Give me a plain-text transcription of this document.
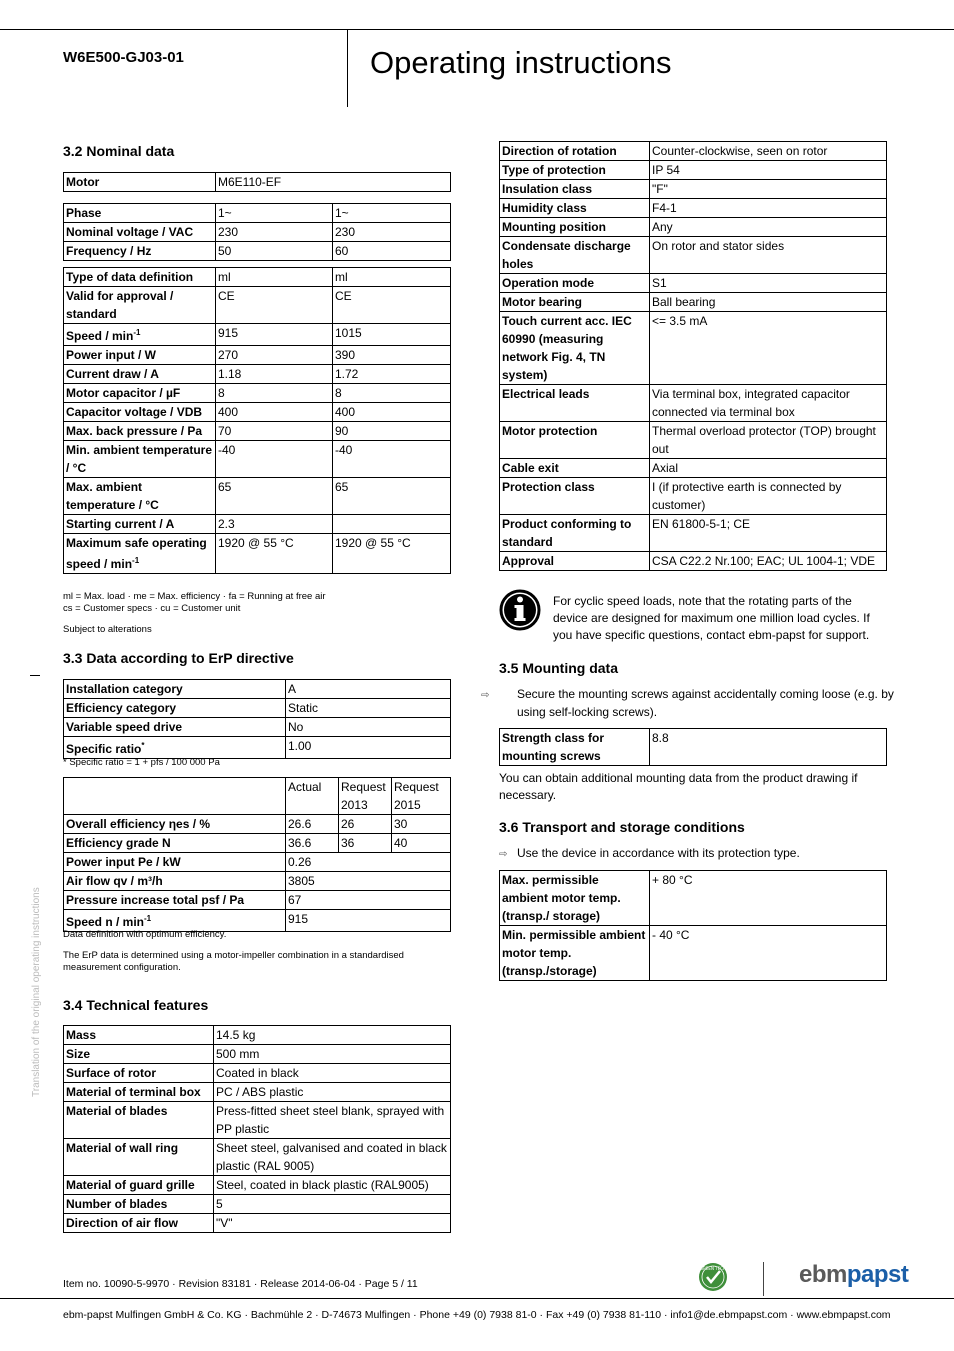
W6E500-GJ03-01	Operating instructions
Translation of the original operating instructions
3.2 Nominal data
Motor	M6E110-EF
Phase	1~	1~
Nominal voltage / VAC	230	230
Frequency / Hz	50	60
Type of data definition	ml	ml
Valid for approval / standard	CE	CE
Speed / $\min^{-1}$	915	1015
Power input / W	270	390
Current draw / A	1.18	1.72
Motor capacitor / µF	8	8
Capacitor voltage / VDB	400	400
Max. back pressure / Pa	70	90
Min. ambient temperature / °C	-40	-40
Max. ambient temperature / °C	65	65
Starting current / A	2.3	
Maximum safe operating speed / $\min^{-1}$	1920 @ 55 °C	1920 @ 55 °C
ml = Max. load · me = Max. efficiency · fa = Running at free air
cs = Customer specs · cu = Customer unit
Subject to alterations
3.3 Data according to ErP directive
Installation category	A
Efficiency category	Static
Variable speed drive	No
Specific ratio*	1.00
* Specific ratio = 1 + pfs / 100 000 Pa
	Actual	Request 2013	Request 2015
Overall efficiency ηes / %	26.6	26	30
Efficiency grade N	36.6	36	40
Power input Pe / kW	0.26		
Air flow qv / m³/h	3805		
Pressure increase total psf / Pa	67		
Speed n / $\min^{-1}$	915		
Data definition with optimum efficiency.
The ErP data is determined using a motor-impeller combination in a standardised measurement configuration.
3.4 Technical features
Mass	14.5 kg
Size	500 mm
Surface of rotor	Coated in black
Material of terminal box	PC / ABS plastic
Material of blades	Press-fitted sheet steel blank, sprayed with PP plastic
Material of wall ring	Sheet steel, galvanised and coated in black plastic (RAL 9005)
Material of guard grille	Steel, coated in black plastic (RAL9005)
Number of blades	5
Direction of air flow	"V"
Direction of rotation	Counter-clockwise, seen on rotor
Type of protection	IP 54
Insulation class	"F"
Humidity class	F4-1
Mounting position	Any
Condensate discharge holes	On rotor and stator sides
Operation mode	S1
Motor bearing	Ball bearing
Touch current acc. IEC 60990 (measuring network Fig. 4, TN system)	<= 3.5 mA
Electrical leads	Via terminal box, integrated capacitor connected via terminal box
Motor protection	Thermal overload protector (TOP) brought out
Cable exit	Axial
Protection class	I (if protective earth is connected by customer)
Product conforming to standard	EN 61800-5-1; CE
Approval	CSA C22.2 Nr.100; EAC; UL 1004-1; VDE
For cyclic speed loads, note that the rotating parts of the device are designed for maximum one million load cycles. If you have specific questions, contact ebm-papst for support.
3.5 Mounting data
⇨ Secure the mounting screws against accidentally coming loose (e.g. by using self-locking screws).
Strength class for mounting screws	8.8
You can obtain additional mounting data from the product drawing if necessary.
3.6 Transport and storage conditions
⇨ Use the device in accordance with its protection type.
Max. permissible ambient motor temp. (transp./ storage)	+ 80 °C
Min. permissible ambient motor temp. (transp./storage)	- 40 °C
Item no. 10090-5-9970 · Revision 83181 · Release 2014-06-04 · Page 5 / 11
GREEN TECH	ebmpapst
ebm-papst Mulfingen GmbH & Co. KG · Bachmühle 2 · D-74673 Mulfingen · Phone +49 (0) 7938 81-0 · Fax +49 (0) 7938 81-110 · info1@de.ebmpapst.com · www.ebmpapst.com
